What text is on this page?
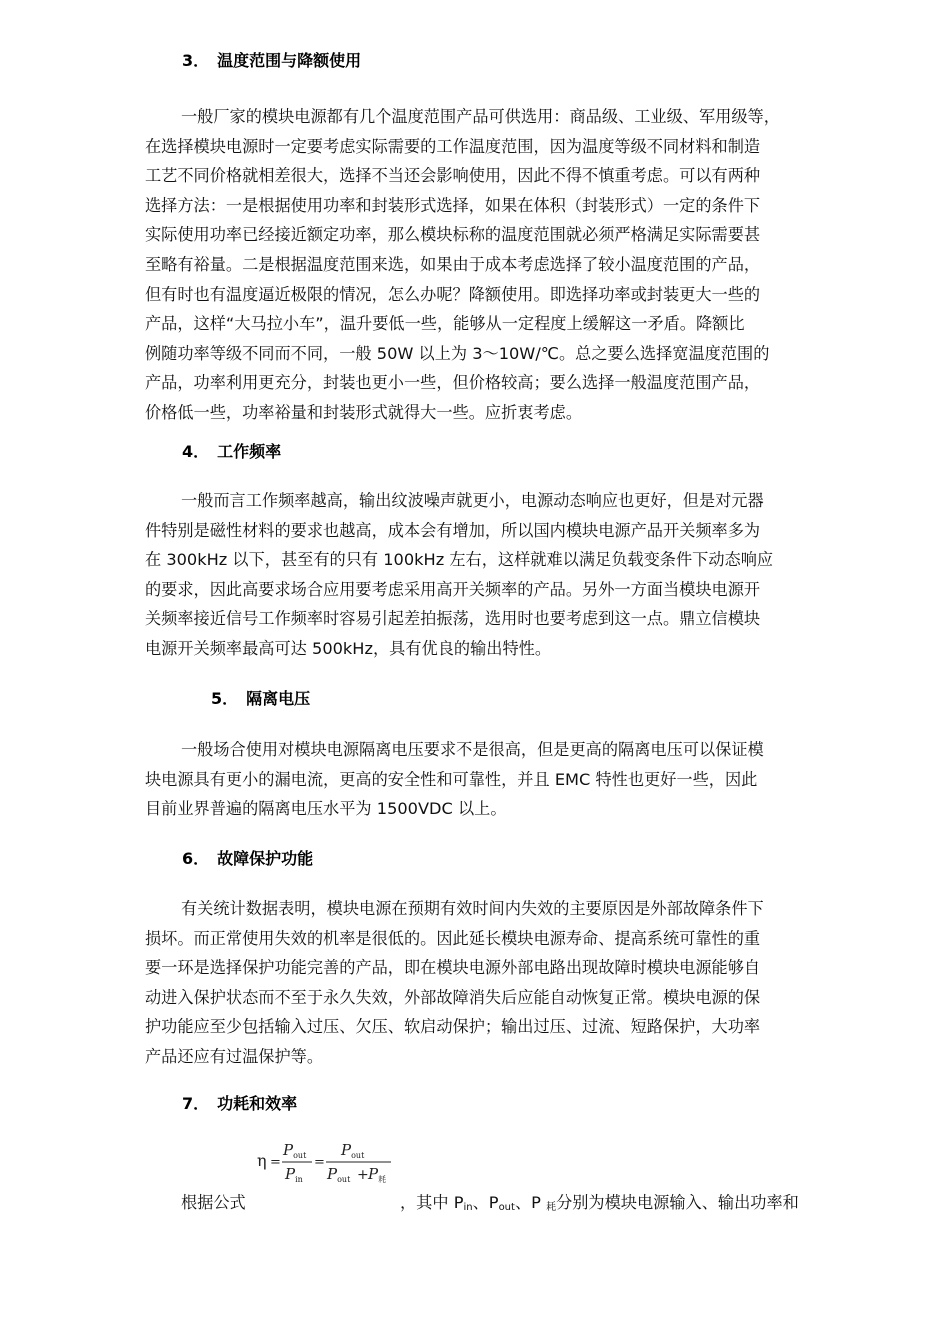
3． 温度范围与降额使用
一般厂家的模块电源都有几个温度范围产品可供选用：商品级、工业级、军用级等，
在选择模块电源时一定要考虑实际需要的工作温度范围，因为温度等级不同材料和制造
工艺不同价格就相差很大，选择不当还会影响使用，因此不得不慎重考虑。可以有两种
选择方法：一是根据使用功率和封装形式选择，如果在体积（封装形式）一定的条件下
实际使用功率已经接近额定功率，那么模块标称的温度范围就必须严格满足实际需要甚
至略有裕量。二是根据温度范围来选，如果由于成本考虑选择了较小温度范围的产品，
但有时也有温度逼近极限的情况，怎么办呢？降额使用。即选择功率或封装更大一些的
产品，这样“大马拉小车”，温升要低一些，能够从一定程度上缓解这一矛盾。降额比
例随功率等级不同而不同，一般 50W 以上为 3～10W/℃。总之要么选择宽温度范围的
产品，功率利用更充分，封装也更小一些，但价格较高；要么选择一般温度范围产品，
价格低一些，功率裕量和封装形式就得大一些。应折衷考虑。
4． 工作频率
一般而言工作频率越高，输出纹波噪声就更小，电源动态响应也更好，但是对元器
件特别是磁性材料的要求也越高，成本会有增加，所以国内模块电源产品开关频率多为
在 300kHz 以下，甚至有的只有 100kHz 左右，这样就难以满足负载变条件下动态响应
的要求，因此高要求场合应用要考虑采用高开关频率的产品。另外一方面当模块电源开
关频率接近信号工作频率时容易引起差拍振荡，选用时也要考虑到这一点。鼎立信模块
电源开关频率最高可达 500kHz，具有优良的输出特性。
5． 隔离电压
一般场合使用对模块电源隔离电压要求不是很高，但是更高的隔离电压可以保证模
块电源具有更小的漏电流，更高的安全性和可靠性，并且 EMC 特性也更好一些，因此
目前业界普遍的隔离电压水平为 1500VDC 以上。
6． 故障保护功能
有关统计数据表明，模块电源在预期有效时间内失效的主要原因是外部故障条件下
损坏。而正常使用失效的机率是很低的。因此延长模块电源寿命、提高系统可靠性的重
要一环是选择保护功能完善的产品，即在模块电源外部电路出现故障时模块电源能够自
动进入保护状态而不至于永久失效，外部故障消失后应能自动恢复正常。模块电源的保
护功能应至少包括输入过压、欠压、软启动保护；输出过压、过流、短路保护，大功率
产品还应有过温保护等。
7． 功耗和效率
η =
$P_{out}$
$P_{in}$
=
$P_{out}$
$P_{out} + P_耗$
根据公式	，其中 $P_{in}$、$P_{out}$、P $_耗$分别为模块电源输入、输出功率和
